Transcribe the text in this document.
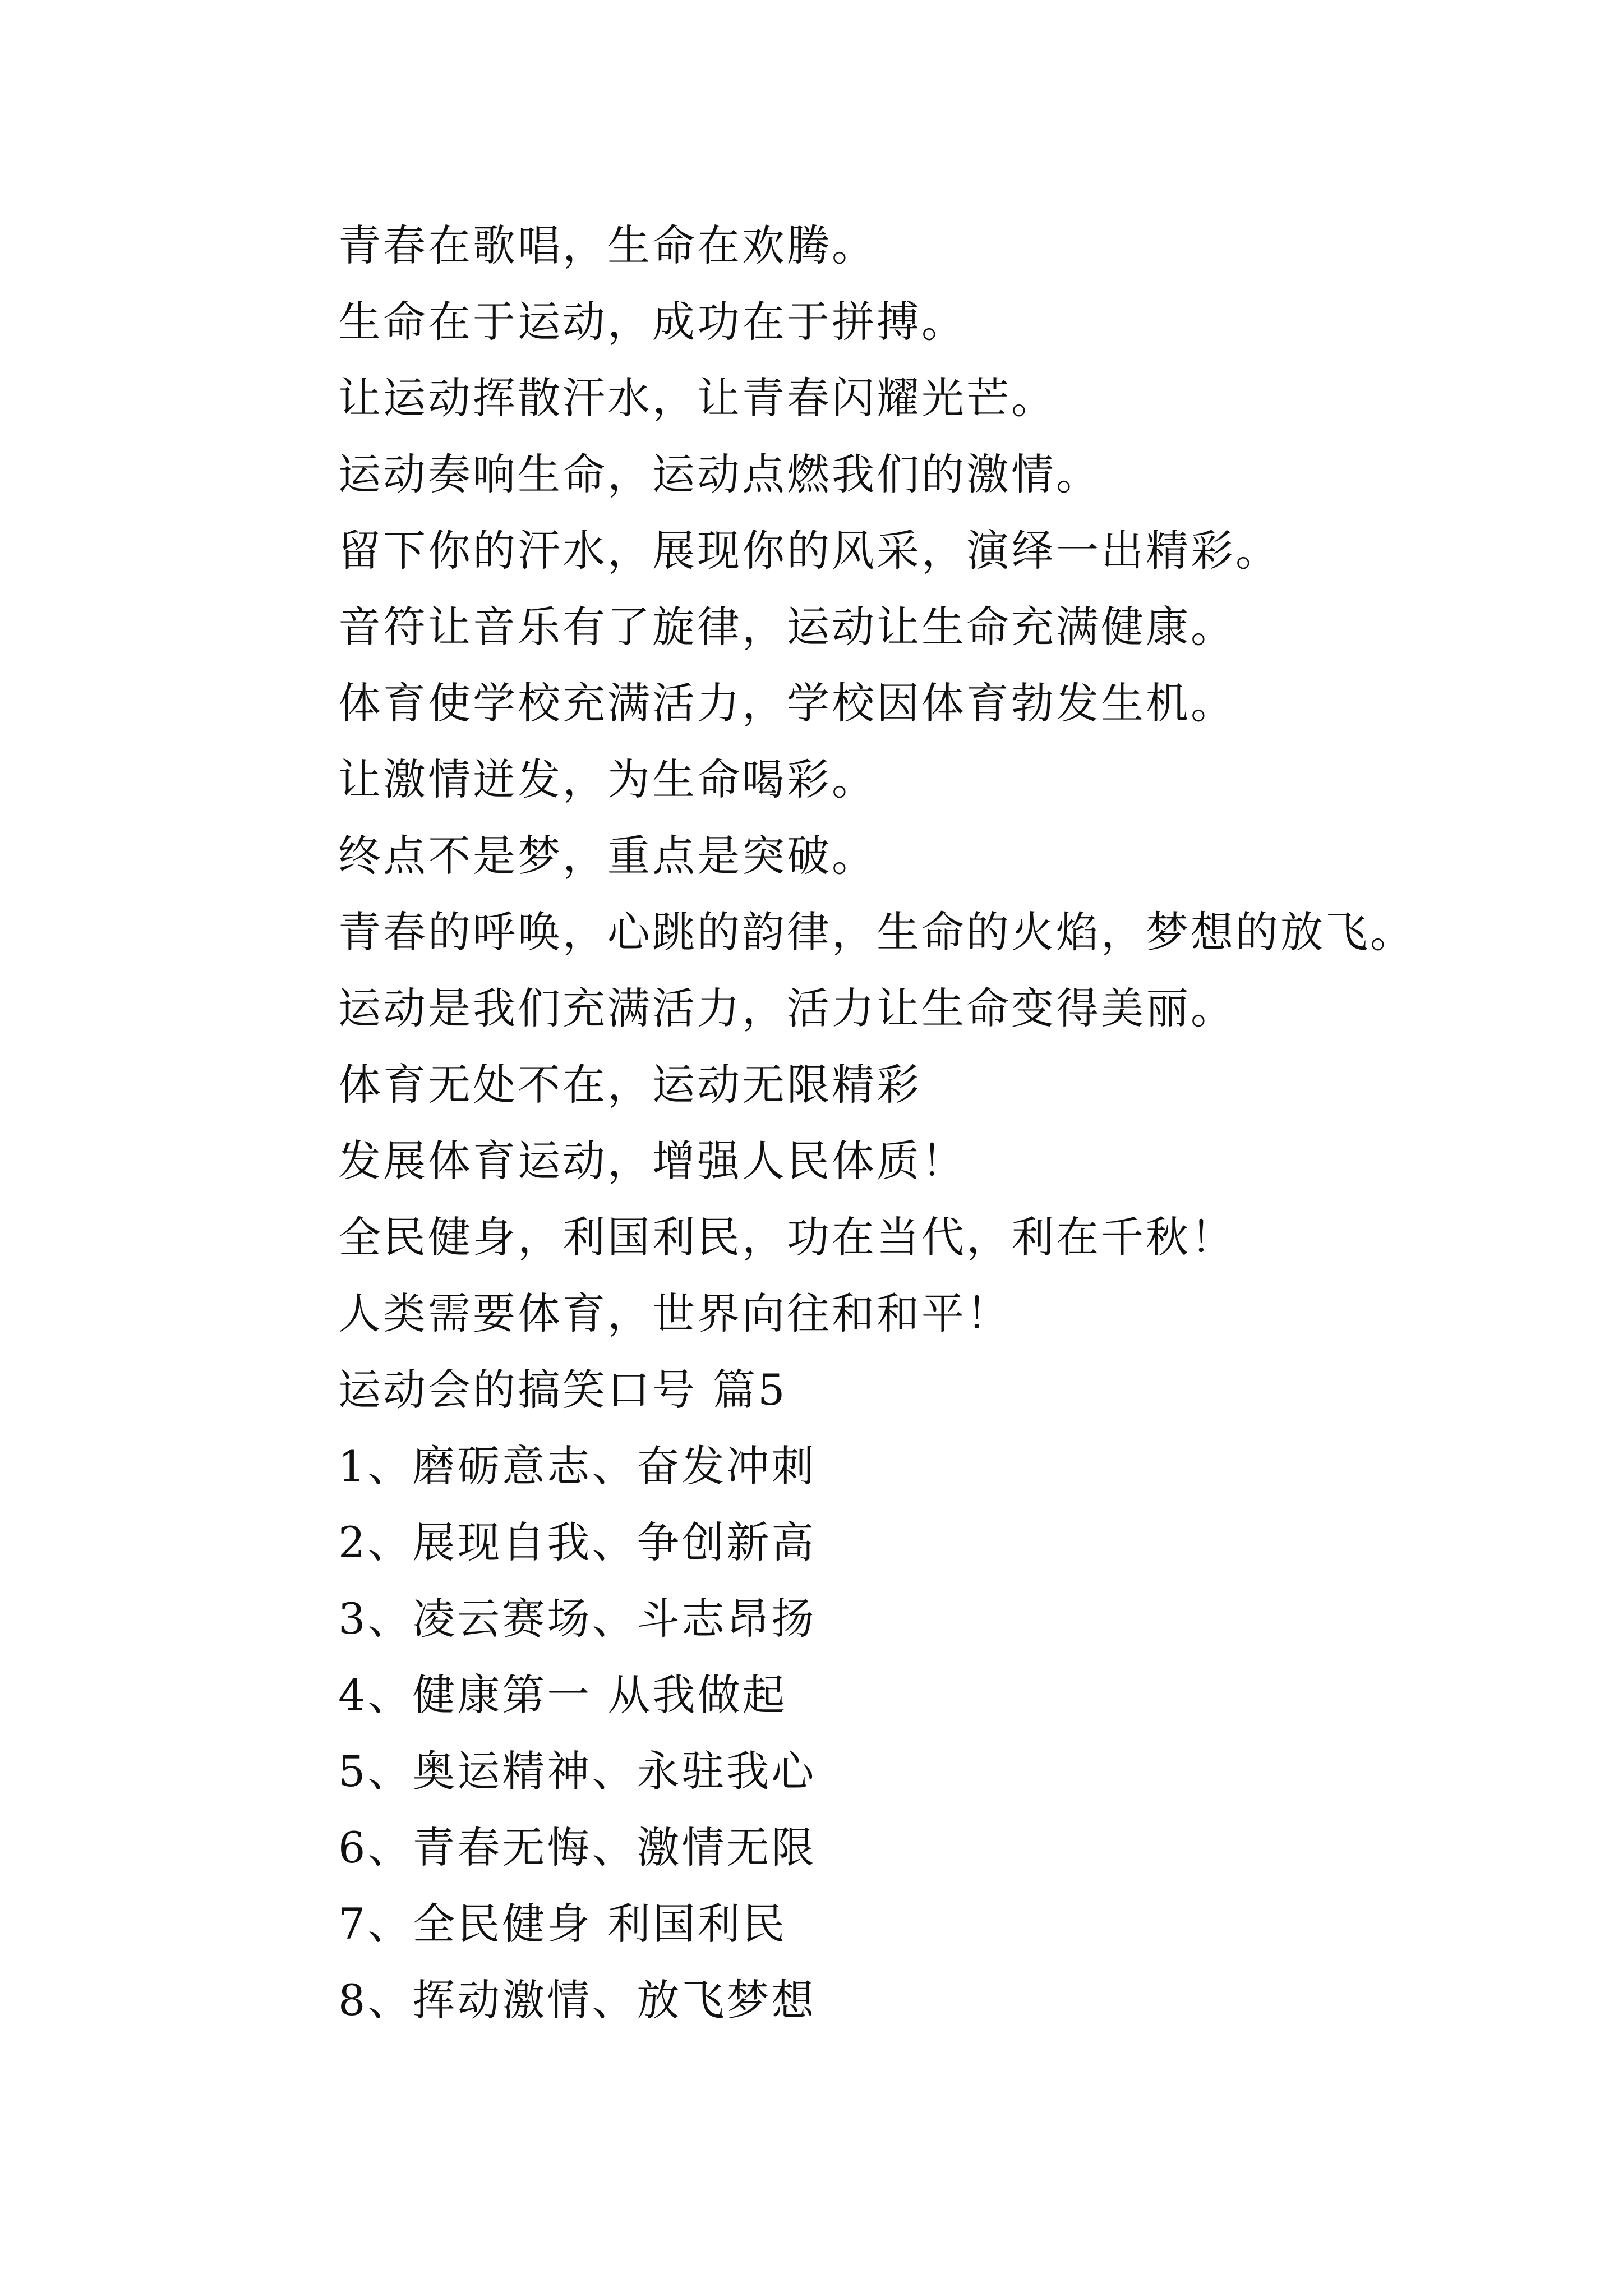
青春在歌唱，生命在欢腾。
生命在于运动，成功在于拼搏。
让运动挥散汗水，让青春闪耀光芒。
运动奏响生命，运动点燃我们的激情。
留下你的汗水，展现你的风采，演绎一出精彩。
音符让音乐有了旋律，运动让生命充满健康。
体育使学校充满活力，学校因体育勃发生机。
让激情迸发，为生命喝彩。
终点不是梦，重点是突破。
青春的呼唤，心跳的韵律，生命的火焰，梦想的放飞。
运动是我们充满活力，活力让生命变得美丽。
体育无处不在，运动无限精彩
发展体育运动，增强人民体质！
全民健身，利国利民，功在当代，利在千秋！
人类需要体育，世界向往和和平！
运动会的搞笑口号 篇5
1、磨砺意志、奋发冲刺
2、展现自我、争创新高
3、凌云赛场、斗志昂扬
4、健康第一 从我做起
5、奥运精神、永驻我心
6、青春无悔、激情无限
7、全民健身 利国利民
8、挥动激情、放飞梦想
